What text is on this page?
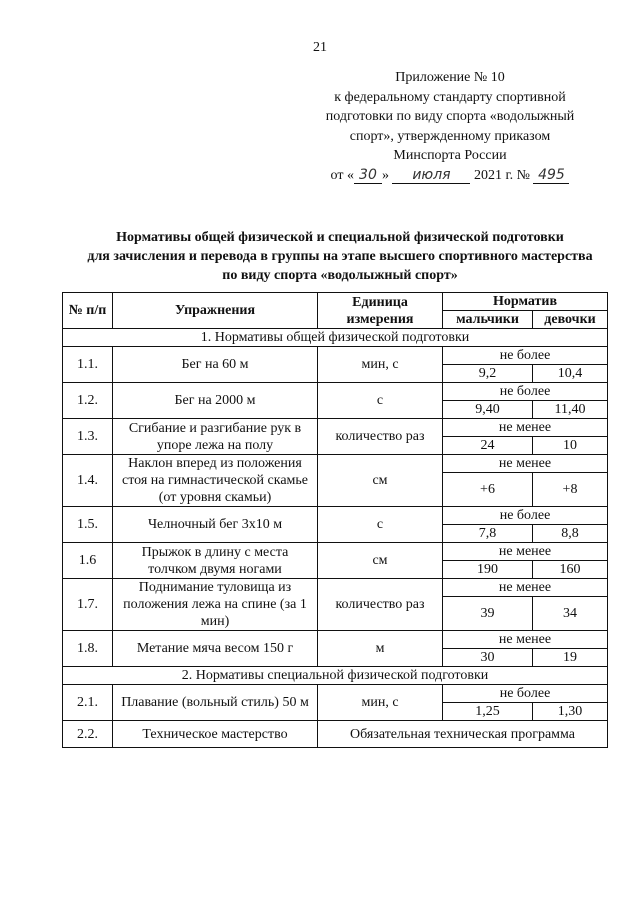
21
Приложение № 10
к федеральному стандарту спортивной
подготовки по виду спорта «водолыжный
спорт», утвержденному приказом
Минспорта России
от « 30 » июля 2021 г. № 495
Нормативы общей физической и специальной физической подготовки
для зачисления и перевода в группы на этапе высшего спортивного мастерства
по виду спорта «водолыжный спорт»
№ п/п	Упражнения	Единица измерения	Норматив	
			мальчики	девочки
1. Нормативы общей физической подготовки				
1.1.	Бег на 60 м	мин, с	не более	
			9,2	10,4
1.2.	Бег на 2000 м	с	не более	
			9,40	11,40
1.3.	Сгибание и разгибание рук в упоре лежа на полу	количество раз	не менее	
			24	10
1.4.	Наклон вперед из положения стоя на гимнастической скамье (от уровня скамьи)	см	не менее	
			+6	+8
1.5.	Челночный бег 3х10 м	с	не более	
			7,8	8,8
1.6	Прыжок в длину с места толчком двумя ногами	см	не менее	
			190	160
1.7.	Поднимание туловища из положения лежа на спине (за 1 мин)	количество раз	не менее	
			39	34
1.8.	Метание мяча весом 150 г	м	не менее	
			30	19
2. Нормативы специальной физической подготовки				
2.1.	Плавание (вольный стиль) 50 м	мин, с	не более	
			1,25	1,30
2.2.	Техническое мастерство	Обязательная техническая программа		
